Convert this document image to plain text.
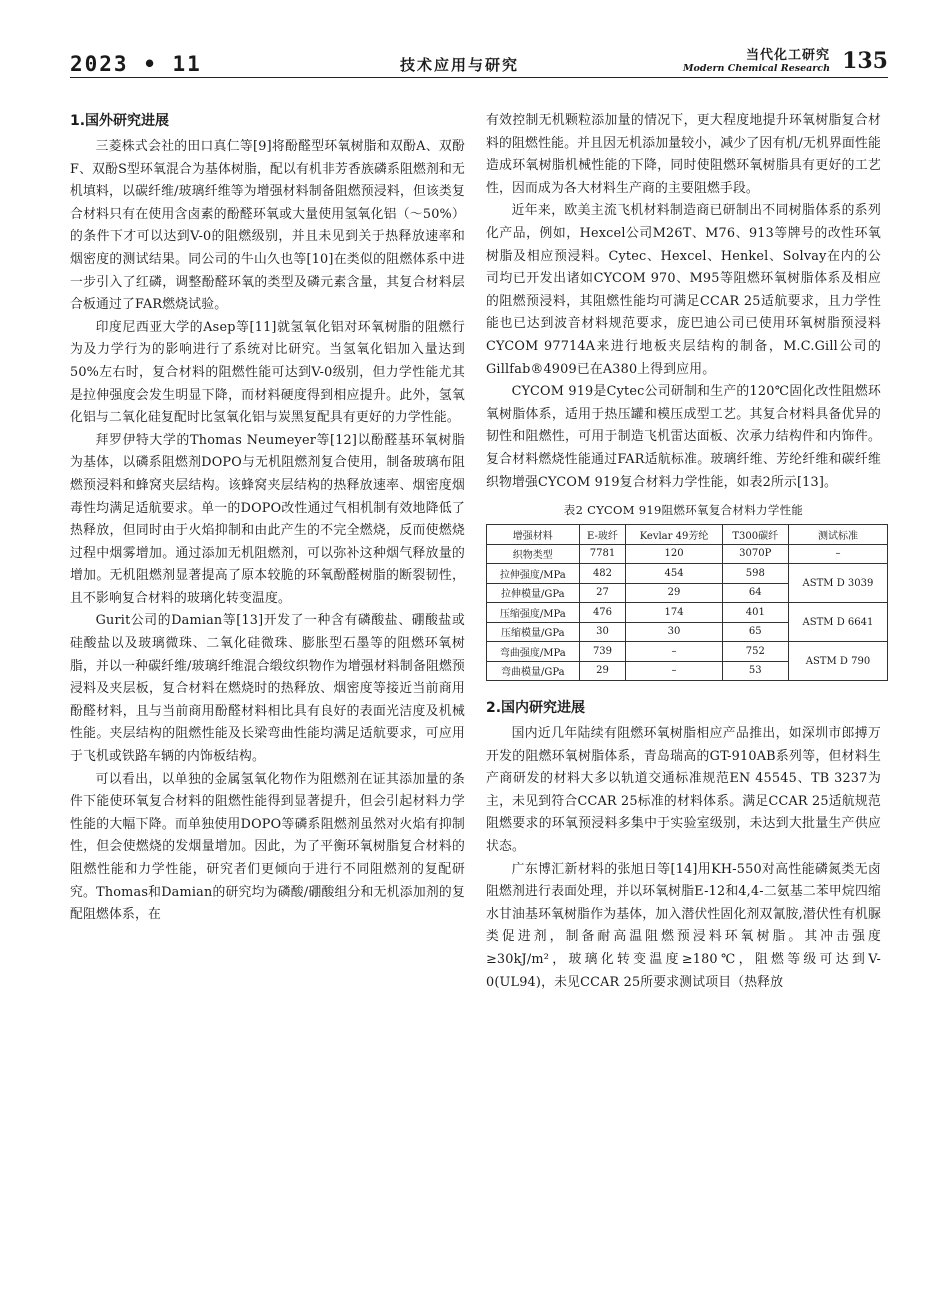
2023 • 11	技术应用与研究
当代化工研究
Modern Chemical Research 135
1.国外研究进展

三菱株式会社的田口真仁等[9]将酚醛型环氧树脂和双酚A、双酚F、双酚S型环氧混合为基体树脂，配以有机非芳香族磷系阻燃剂和无机填料，以碳纤维/玻璃纤维等为增强材料制备阻燃预浸料，但该类复合材料只有在使用含卤素的酚醛环氧或大量使用氢氧化铝（～50%）的条件下才可以达到V-0的阻燃级别，并且未见到关于热释放速率和烟密度的测试结果。同公司的牛山久也等[10]在类似的阻燃体系中进一步引入了红磷，调整酚醛环氧的类型及磷元素含量，其复合材料层合板通过了FAR燃烧试验。

印度尼西亚大学的Asep等[11]就氢氧化铝对环氧树脂的阻燃行为及力学行为的影响进行了系统对比研究。当氢氧化铝加入量达到50%左右时，复合材料的阻燃性能可达到V-0级别，但力学性能尤其是拉伸强度会发生明显下降，而材料硬度得到相应提升。此外，氢氧化铝与二氧化硅复配时比氢氧化铝与炭黑复配具有更好的力学性能。

拜罗伊特大学的Thomas Neumeyer等[12]以酚醛基环氧树脂为基体，以磷系阻燃剂DOPO与无机阻燃剂复合使用，制备玻璃布阻燃预浸料和蜂窝夹层结构。该蜂窝夹层结构的热释放速率、烟密度烟毒性均满足适航要求。单一的DOPO改性通过气相机制有效地降低了热释放，但同时由于火焰抑制和由此产生的不完全燃烧，反而使燃烧过程中烟雾增加。通过添加无机阻燃剂，可以弥补这种烟气释放量的增加。无机阻燃剂显著提高了原本较脆的环氧酚醛树脂的断裂韧性，且不影响复合材料的玻璃化转变温度。

Gurit公司的Damian等[13]开发了一种含有磷酸盐、硼酸盐或硅酸盐以及玻璃微珠、二氧化硅微珠、膨胀型石墨等的阻燃环氧树脂，并以一种碳纤维/玻璃纤维混合缎纹织物作为增强材料制备阻燃预浸料及夹层板，复合材料在燃烧时的热释放、烟密度等接近当前商用酚醛材料，且与当前商用酚醛材料相比具有良好的表面光洁度及机械性能。夹层结构的阻燃性能及长梁弯曲性能均满足适航要求，可应用于飞机或铁路车辆的内饰板结构。

可以看出，以单独的金属氢氧化物作为阻燃剂在证其添加量的条件下能使环氧复合材料的阻燃性能得到显著提升，但会引起材料力学性能的大幅下降。而单独使用DOPO等磷系阻燃剂虽然对火焰有抑制性，但会使燃烧的发烟量增加。因此，为了平衡环氧树脂复合材料的阻燃性能和力学性能，研究者们更倾向于进行不同阻燃剂的复配研究。Thomas和Damian的研究均为磷酸/硼酸组分和无机添加剂的复配阻燃体系，在

有效控制无机颗粒添加量的情况下，更大程度地提升环氧树脂复合材料的阻燃性能。并且因无机添加量较小，减少了因有机/无机界面性能造成环氧树脂机械性能的下降，同时使阻燃环氧树脂具有更好的工艺性，因而成为各大材料生产商的主要阻燃手段。

近年来，欧美主流飞机材料制造商已研制出不同树脂体系的系列化产品，例如，Hexcel公司M26T、M76、913等牌号的改性环氧树脂及相应预浸料。Cytec、Hexcel、Henkel、Solvay在内的公司均已开发出诸如CYCOM 970、M95等阻燃环氧树脂体系及相应的阻燃预浸料，其阻燃性能均可满足CCAR 25适航要求，且力学性能也已达到波音材料规范要求，庞巴迪公司已使用环氧树脂预浸料CYCOM 97714A来进行地板夹层结构的制备，M.C.Gill公司的Gillfab®4909已在A380上得到应用。

CYCOM 919是Cytec公司研制和生产的120℃固化改性阻燃环氧树脂体系，适用于热压罐和模压成型工艺。其复合材料具备优异的韧性和阻燃性，可用于制造飞机雷达面板、次承力结构件和内饰件。复合材料燃烧性能通过FAR适航标准。玻璃纤维、芳纶纤维和碳纤维织物增强CYCOM 919复合材料力学性能，如表2所示[13]。

表2 CYCOM 919阻燃环氧复合材料力学性能
增强材料	E-玻纤	Kevlar 49芳纶	T300碳纤	测试标准
织物类型	7781	120	3070P	–
拉伸强度/MPa	482	454	598	ASTM D 3039
拉伸模量/GPa	27	29	64	
压缩强度/MPa	476	174	401	ASTM D 6641
压缩模量/GPa	30	30	65	
弯曲强度/MPa	739	–	752	ASTM D 790
弯曲模量/GPa	29	–	53	
2.国内研究进展

国内近几年陆续有阻燃环氧树脂相应产品推出，如深圳市郎搏万开发的阻燃环氧树脂体系，青岛瑞高的GT-910AB系列等，但材料生产商研发的材料大多以轨道交通标准规范EN 45545、TB 3237为主，未见到符合CCAR 25标准的材料体系。满足CCAR 25适航规范阻燃要求的环氧预浸料多集中于实验室级别，未达到大批量生产供应状态。

广东博汇新材料的张旭日等[14]用KH-550对高性能磷氮类无卤阻燃剂进行表面处理，并以环氧树脂E-12和4,4-二氨基二苯甲烷四缩水甘油基环氧树脂作为基体，加入潜伏性固化剂双氰胺,潜伏性有机脲类促进剂，制备耐高温阻燃预浸料环氧树脂。其冲击强度≥30kJ/m²，玻璃化转变温度≥180℃，阻燃等级可达到V-0(UL94)，未见CCAR 25所要求测试项目（热释放
